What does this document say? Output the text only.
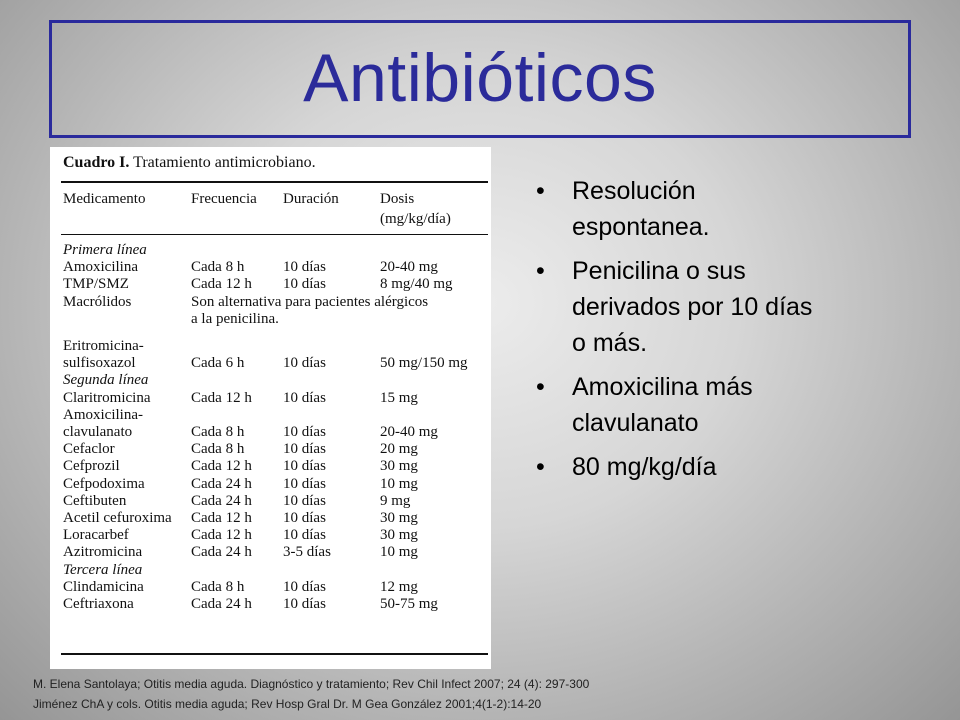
Antibióticos
Cuadro I. Tratamiento antimicrobiano.
Medicamento	Frecuencia Duración	Dosis
(mg/kg/día)
Primera línea
Amoxicilina	Cada 8 h	10 días	20-40 mg
TMP/SMZ	Cada 12 h 10 días	8 mg/40 mg
Macrólidos	Son alternativa para pacientes alérgicos
a la penicilina.
Eritromicina-
sulfisoxazol	Cada 6 h	10 días	50 mg/150 mg
Segunda línea
Claritromicina	Cada 12 h 10 días	15 mg
Amoxicilina-
clavulanato	Cada 8 h	10 días	20-40 mg
Cefaclor	Cada 8 h	10 días	20 mg
Cefprozil	Cada 12 h 10 días	30 mg
Cefpodoxima	Cada 24 h 10 días	10 mg
Ceftibuten	Cada 24 h 10 días	9 mg
Acetil cefuroxima Cada 12 h 10 días	30 mg
Loracarbef	Cada 12 h 10 días	30 mg
Azitromicina	Cada 24 h 3-5 días	10 mg
Tercera línea
Clindamicina	Cada 8 h	10 días	12 mg
Ceftriaxona	Cada 24 h 10 días	50-75 mg
• Resolución
espontanea.
• Penicilina o sus
derivados por 10 días
o más.
• Amoxicilina más
clavulanato
• 80 mg/kg/día
M. Elena Santolaya; Otitis media aguda. Diagnóstico y tratamiento; Rev Chil Infect 2007; 24 (4): 297-300
Jiménez ChA y cols. Otitis media aguda; Rev Hosp Gral Dr. M Gea González 2001;4(1-2):14-20
